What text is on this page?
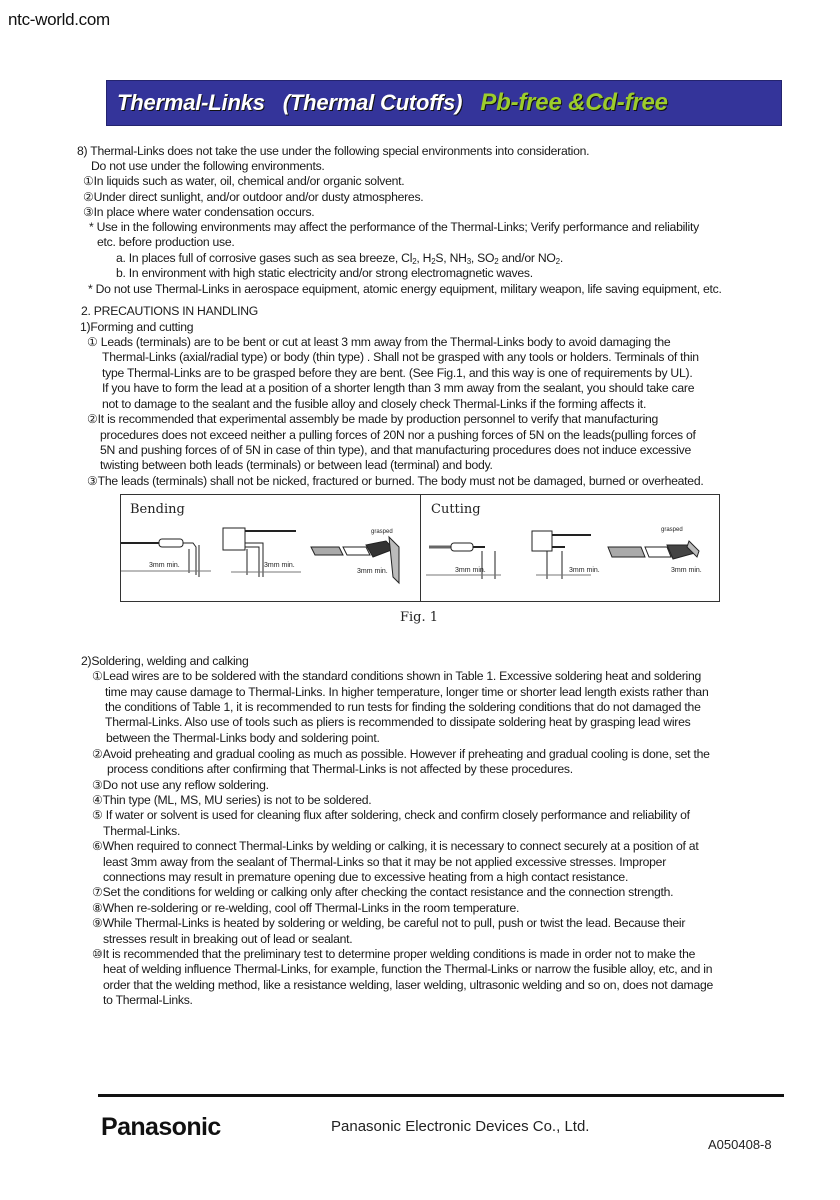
ntc-world.com
Thermal-Links (Thermal Cutoffs) Pb-free &Cd-free
8) Thermal-Links does not take the use under the following special environments into consideration.
Do not use under the following environments.
①In liquids such as water, oil, chemical and/or organic solvent.
②Under direct sunlight, and/or outdoor and/or dusty atmospheres.
③In place where water condensation occurs.
* Use in the following environments may affect the performance of the Thermal-Links; Verify performance and reliability
etc. before production use.
a. In places full of corrosive gases such as sea breeze, $Cl_2$, $H_2S$, $NH_3$, $SO_2$ and/or $NO_2$.
b. In environment with high static electricity and/or strong electromagnetic waves.
* Do not use Thermal-Links in aerospace equipment, atomic energy equipment, military weapon, life saving equipment, etc.
2. PRECAUTIONS IN HANDLING
1)Forming and cutting
① Leads (terminals) are to be bent or cut at least 3 mm away from the Thermal-Links body to avoid damaging the
Thermal-Links (axial/radial type) or body (thin type) . Shall not be grasped with any tools or holders. Terminals of thin
type Thermal-Links are to be grasped before they are bent. (See Fig.1, and this way is one of requirements by UL).
If you have to form the lead at a position of a shorter length than 3 mm away from the sealant, you should take care
not to damage to the sealant and the fusible alloy and closely check Thermal-Links if the forming affects it.
②It is recommended that experimental assembly be made by production personnel to verify that manufacturing
procedures does not exceed neither a pulling forces of 20N nor a pushing forces of 5N on the leads(pulling forces of
5N and pushing forces of of 5N in case of thin type), and that manufacturing procedures does not induce excessive
twisting between both leads (terminals) or between lead (terminal) and body.
③The leads (terminals) shall not be nicked, fractured or burned. The body must not be damaged, burned or overheated.
Bending	Cutting
3mm min.	3mm min.
3mm min.
grasped
3mm min.	3mm min.	3mm min.
grasped
Fig. 1
2)Soldering, welding and calking
①Lead wires are to be soldered with the standard conditions shown in Table 1. Excessive soldering heat and soldering
time may cause damage to Thermal-Links. In higher temperature, longer time or shorter lead length exists rather than
the conditions of Table 1, it is recommended to run tests for finding the soldering conditions that do not damaged the
Thermal-Links. Also use of tools such as pliers is recommended to dissipate soldering heat by grasping lead wires
between the Thermal-Links body and soldering point.
②Avoid preheating and gradual cooling as much as possible. However if preheating and gradual cooling is done, set the
process conditions after confirming that Thermal-Links is not affected by these procedures.
③Do not use any reflow soldering.
④Thin type (ML, MS, MU series) is not to be soldered.
⑤ If water or solvent is used for cleaning flux after soldering, check and confirm closely performance and reliability of
Thermal-Links.
⑥When required to connect Thermal-Links by welding or calking, it is necessary to connect securely at a position of at
least 3mm away from the sealant of Thermal-Links so that it may be not applied excessive stresses. Improper
connections may result in premature opening due to excessive heating from a high contact resistance.
⑦Set the conditions for welding or calking only after checking the contact resistance and the connection strength.
⑧When re-soldering or re-welding, cool off Thermal-Links in the room temperature.
⑨While Thermal-Links is heated by soldering or welding, be careful not to pull, push or twist the lead. Because their
stresses result in breaking out of lead or sealant.
⑩It is recommended that the preliminary test to determine proper welding conditions is made in order not to make the
heat of welding influence Thermal-Links, for example, function the Thermal-Links or narrow the fusible alloy, etc, and in
order that the welding method, like a resistance welding, laser welding, ultrasonic welding and so on, does not damage
to Thermal-Links.
Panasonic	Panasonic Electronic Devices Co., Ltd.
A050408-8
